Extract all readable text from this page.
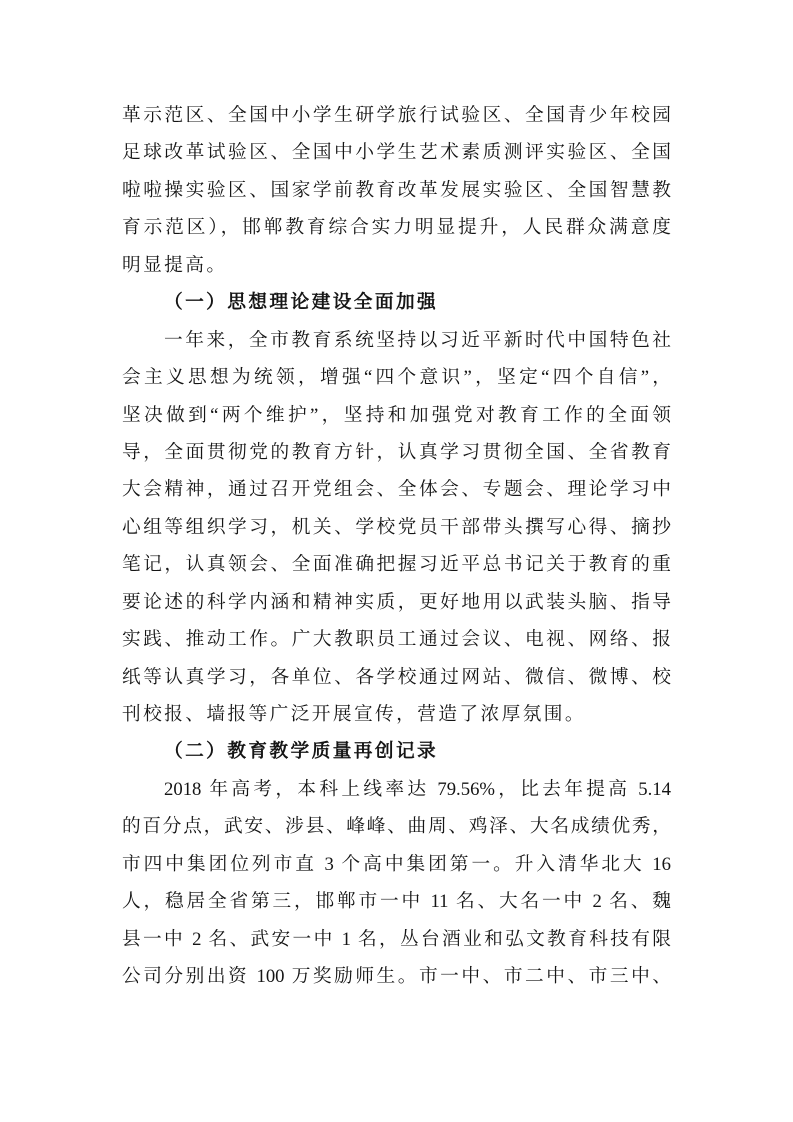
革示范区、全国中小学生研学旅行试验区、全国青少年校园
足球改革试验区、全国中小学生艺术素质测评实验区、全国
啦啦操实验区、国家学前教育改革发展实验区、全国智慧教
育示范区），邯郸教育综合实力明显提升，人民群众满意度
明显提高。
（一）思想理论建设全面加强
一年来，全市教育系统坚持以习近平新时代中国特色社
会主义思想为统领，增强“四个意识”，坚定“四个自信”，
坚决做到“两个维护”，坚持和加强党对教育工作的全面领
导，全面贯彻党的教育方针，认真学习贯彻全国、全省教育
大会精神，通过召开党组会、全体会、专题会、理论学习中
心组等组织学习，机关、学校党员干部带头撰写心得、摘抄
笔记，认真领会、全面准确把握习近平总书记关于教育的重
要论述的科学内涵和精神实质，更好地用以武装头脑、指导
实践、推动工作。广大教职员工通过会议、电视、网络、报
纸等认真学习，各单位、各学校通过网站、微信、微博、校
刊校报、墙报等广泛开展宣传，营造了浓厚氛围。
（二）教育教学质量再创记录
2018 年高考，本科上线率达 79.56%，比去年提高 5.14
的百分点，武安、涉县、峰峰、曲周、鸡泽、大名成绩优秀，
市四中集团位列市直 3 个高中集团第一。升入清华北大 16
人，稳居全省第三，邯郸市一中 11 名、大名一中 2 名、魏
县一中 2 名、武安一中 1 名，丛台酒业和弘文教育科技有限
公司分别出资 100 万奖励师生。市一中、市二中、市三中、
